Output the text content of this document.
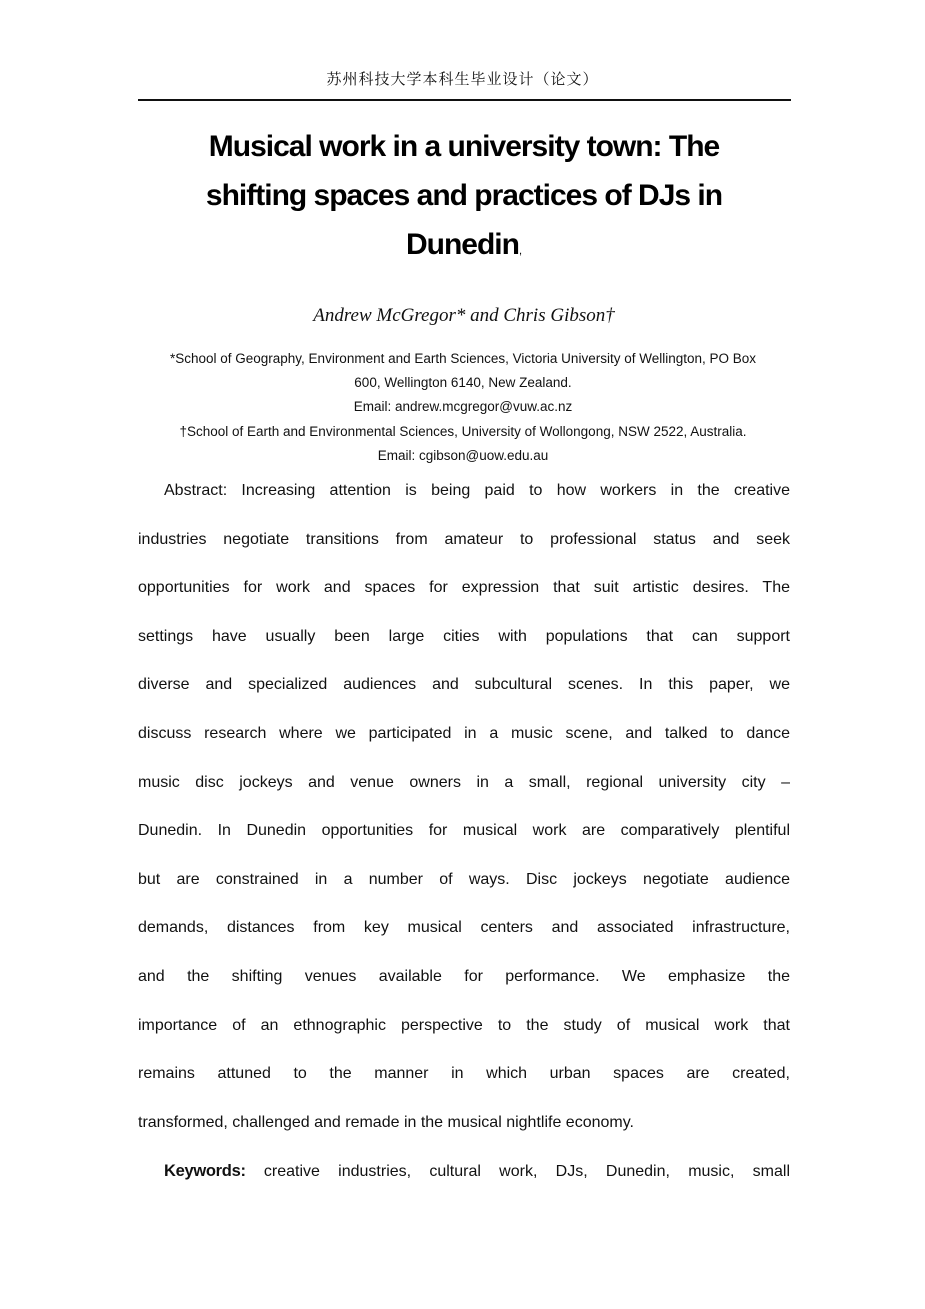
苏州科技大学本科生毕业设计（论文）
Musical work in a university town: The
shifting spaces and practices of DJs in
Dunedin,
Andrew McGregor* and Chris Gibson†
*School of Geography, Environment and Earth Sciences, Victoria University of Wellington, PO Box
600, Wellington 6140, New Zealand.
Email: andrew.mcgregor@vuw.ac.nz
†School of Earth and Environmental Sciences, University of Wollongong, NSW 2522, Australia.
Email: cgibson@uow.edu.au
Abstract: Increasing attention is being paid to how workers in the creative
industries negotiate transitions from amateur to professional status and seek
opportunities for work and spaces for expression that suit artistic desires. The
settings have usually been large cities with populations that can support
diverse and specialized audiences and subcultural scenes. In this paper, we
discuss research where we participated in a music scene, and talked to dance
music disc jockeys and venue owners in a small, regional university city –
Dunedin. In Dunedin opportunities for musical work are comparatively plentiful
but are constrained in a number of ways. Disc jockeys negotiate audience
demands, distances from key musical centers and associated infrastructure,
and the shifting venues available for performance. We emphasize the
importance of an ethnographic perspective to the study of musical work that
remains attuned to the manner in which urban spaces are created,
transformed, challenged and remade in the musical nightlife economy.
Keywords: creative industries, cultural work, DJs, Dunedin, music, small
